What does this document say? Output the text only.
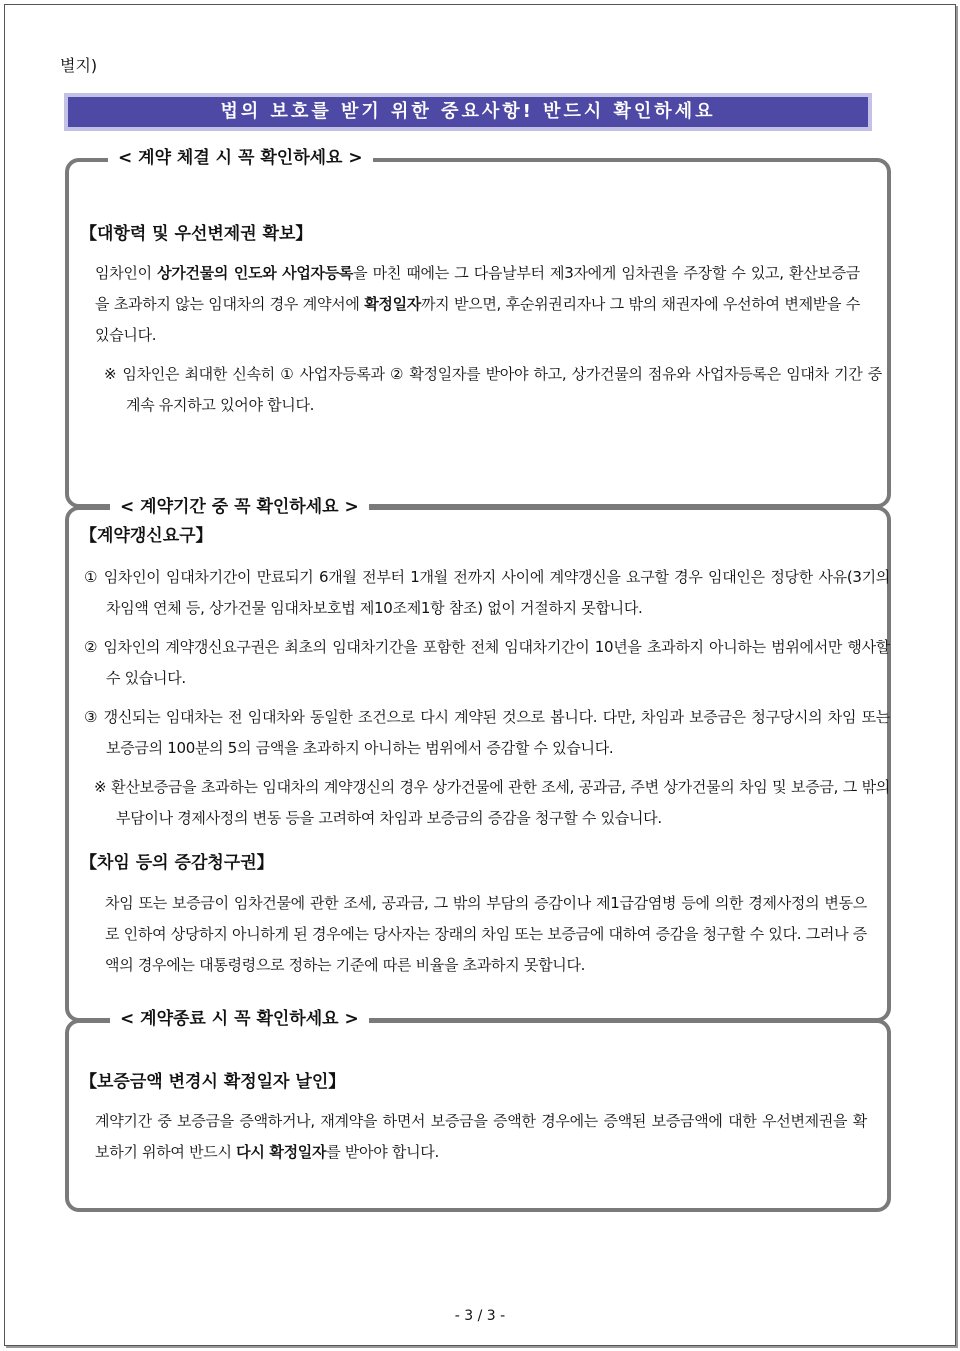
별지)
법의 보호를 받기 위한 중요사항! 반드시 확인하세요
< 계약 체결 시 꼭 확인하세요 >
【대항력 및 우선변제권 확보】
임차인이 상가건물의 인도와 사업자등록을 마친 때에는 그 다음날부터 제3자에게 임차권을 주장할 수 있고, 환산보증금을 초과하지 않는 임대차의 경우 계약서에 확정일자까지 받으면, 후순위권리자나 그 밖의 채권자에 우선하여 변제받을 수 있습니다.
※ 임차인은 최대한 신속히 ① 사업자등록과 ② 확정일자를 받아야 하고, 상가건물의 점유와 사업자등록은 임대차 기간 중 계속 유지하고 있어야 합니다.
< 계약기간 중 꼭 확인하세요 >
【계약갱신요구】
① 임차인이 임대차기간이 만료되기 6개월 전부터 1개월 전까지 사이에 계약갱신을 요구할 경우 임대인은 정당한 사유(3기의 차임액 연체 등, 상가건물 임대차보호법 제10조제1항 참조) 없이 거절하지 못합니다.
② 임차인의 계약갱신요구권은 최초의 임대차기간을 포함한 전체 임대차기간이 10년을 초과하지 아니하는 범위에서만 행사할 수 있습니다.
③ 갱신되는 임대차는 전 임대차와 동일한 조건으로 다시 계약된 것으로 봅니다. 다만, 차임과 보증금은 청구당시의 차임 또는 보증금의 100분의 5의 금액을 초과하지 아니하는 범위에서 증감할 수 있습니다.
※ 환산보증금을 초과하는 임대차의 계약갱신의 경우 상가건물에 관한 조세, 공과금, 주변 상가건물의 차임 및 보증금, 그 밖의 부담이나 경제사정의 변동 등을 고려하여 차임과 보증금의 증감을 청구할 수 있습니다.
【차임 등의 증감청구권】
차임 또는 보증금이 임차건물에 관한 조세, 공과금, 그 밖의 부담의 증감이나 제1급감염병 등에 의한 경제사정의 변동으로 인하여 상당하지 아니하게 된 경우에는 당사자는 장래의 차임 또는 보증금에 대하여 증감을 청구할 수 있다. 그러나 증액의 경우에는 대통령령으로 정하는 기준에 따른 비율을 초과하지 못합니다.
< 계약종료 시 꼭 확인하세요 >
【보증금액 변경시 확정일자 날인】
계약기간 중 보증금을 증액하거나, 재계약을 하면서 보증금을 증액한 경우에는 증액된 보증금액에 대한 우선변제권을 확보하기 위하여 반드시 다시 확정일자를 받아야 합니다.
- 3 / 3 -
